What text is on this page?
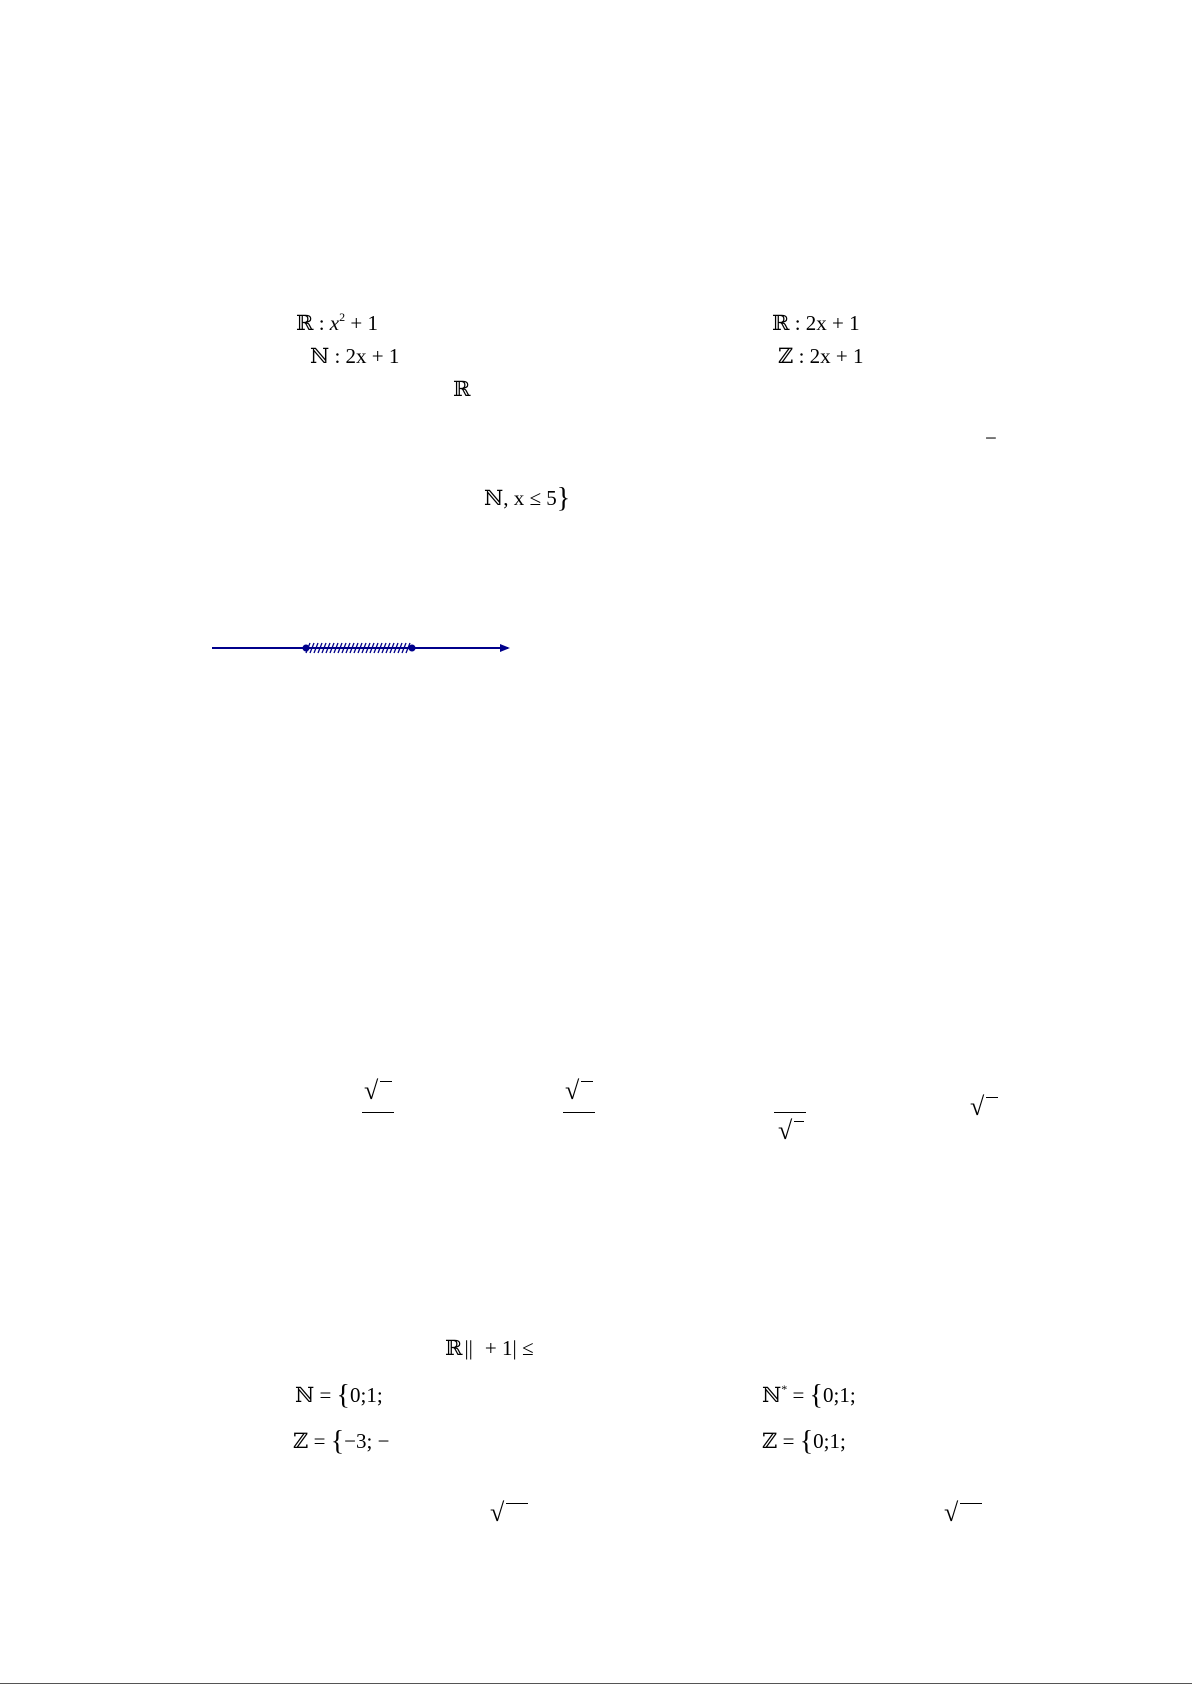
ℝ : $x^2 + 1$	ℝ : 2x + 1
ℕ : 2x + 1	ℤ : 2x + 1
ℝ
−
ℕ, x ≤ 5}
√	√
√
√
ℝ|| + 1| ≤
ℕ = {0;1;	ℕ* = {0;1;
ℤ = {−3; −	ℤ = {0;1;
√	√
